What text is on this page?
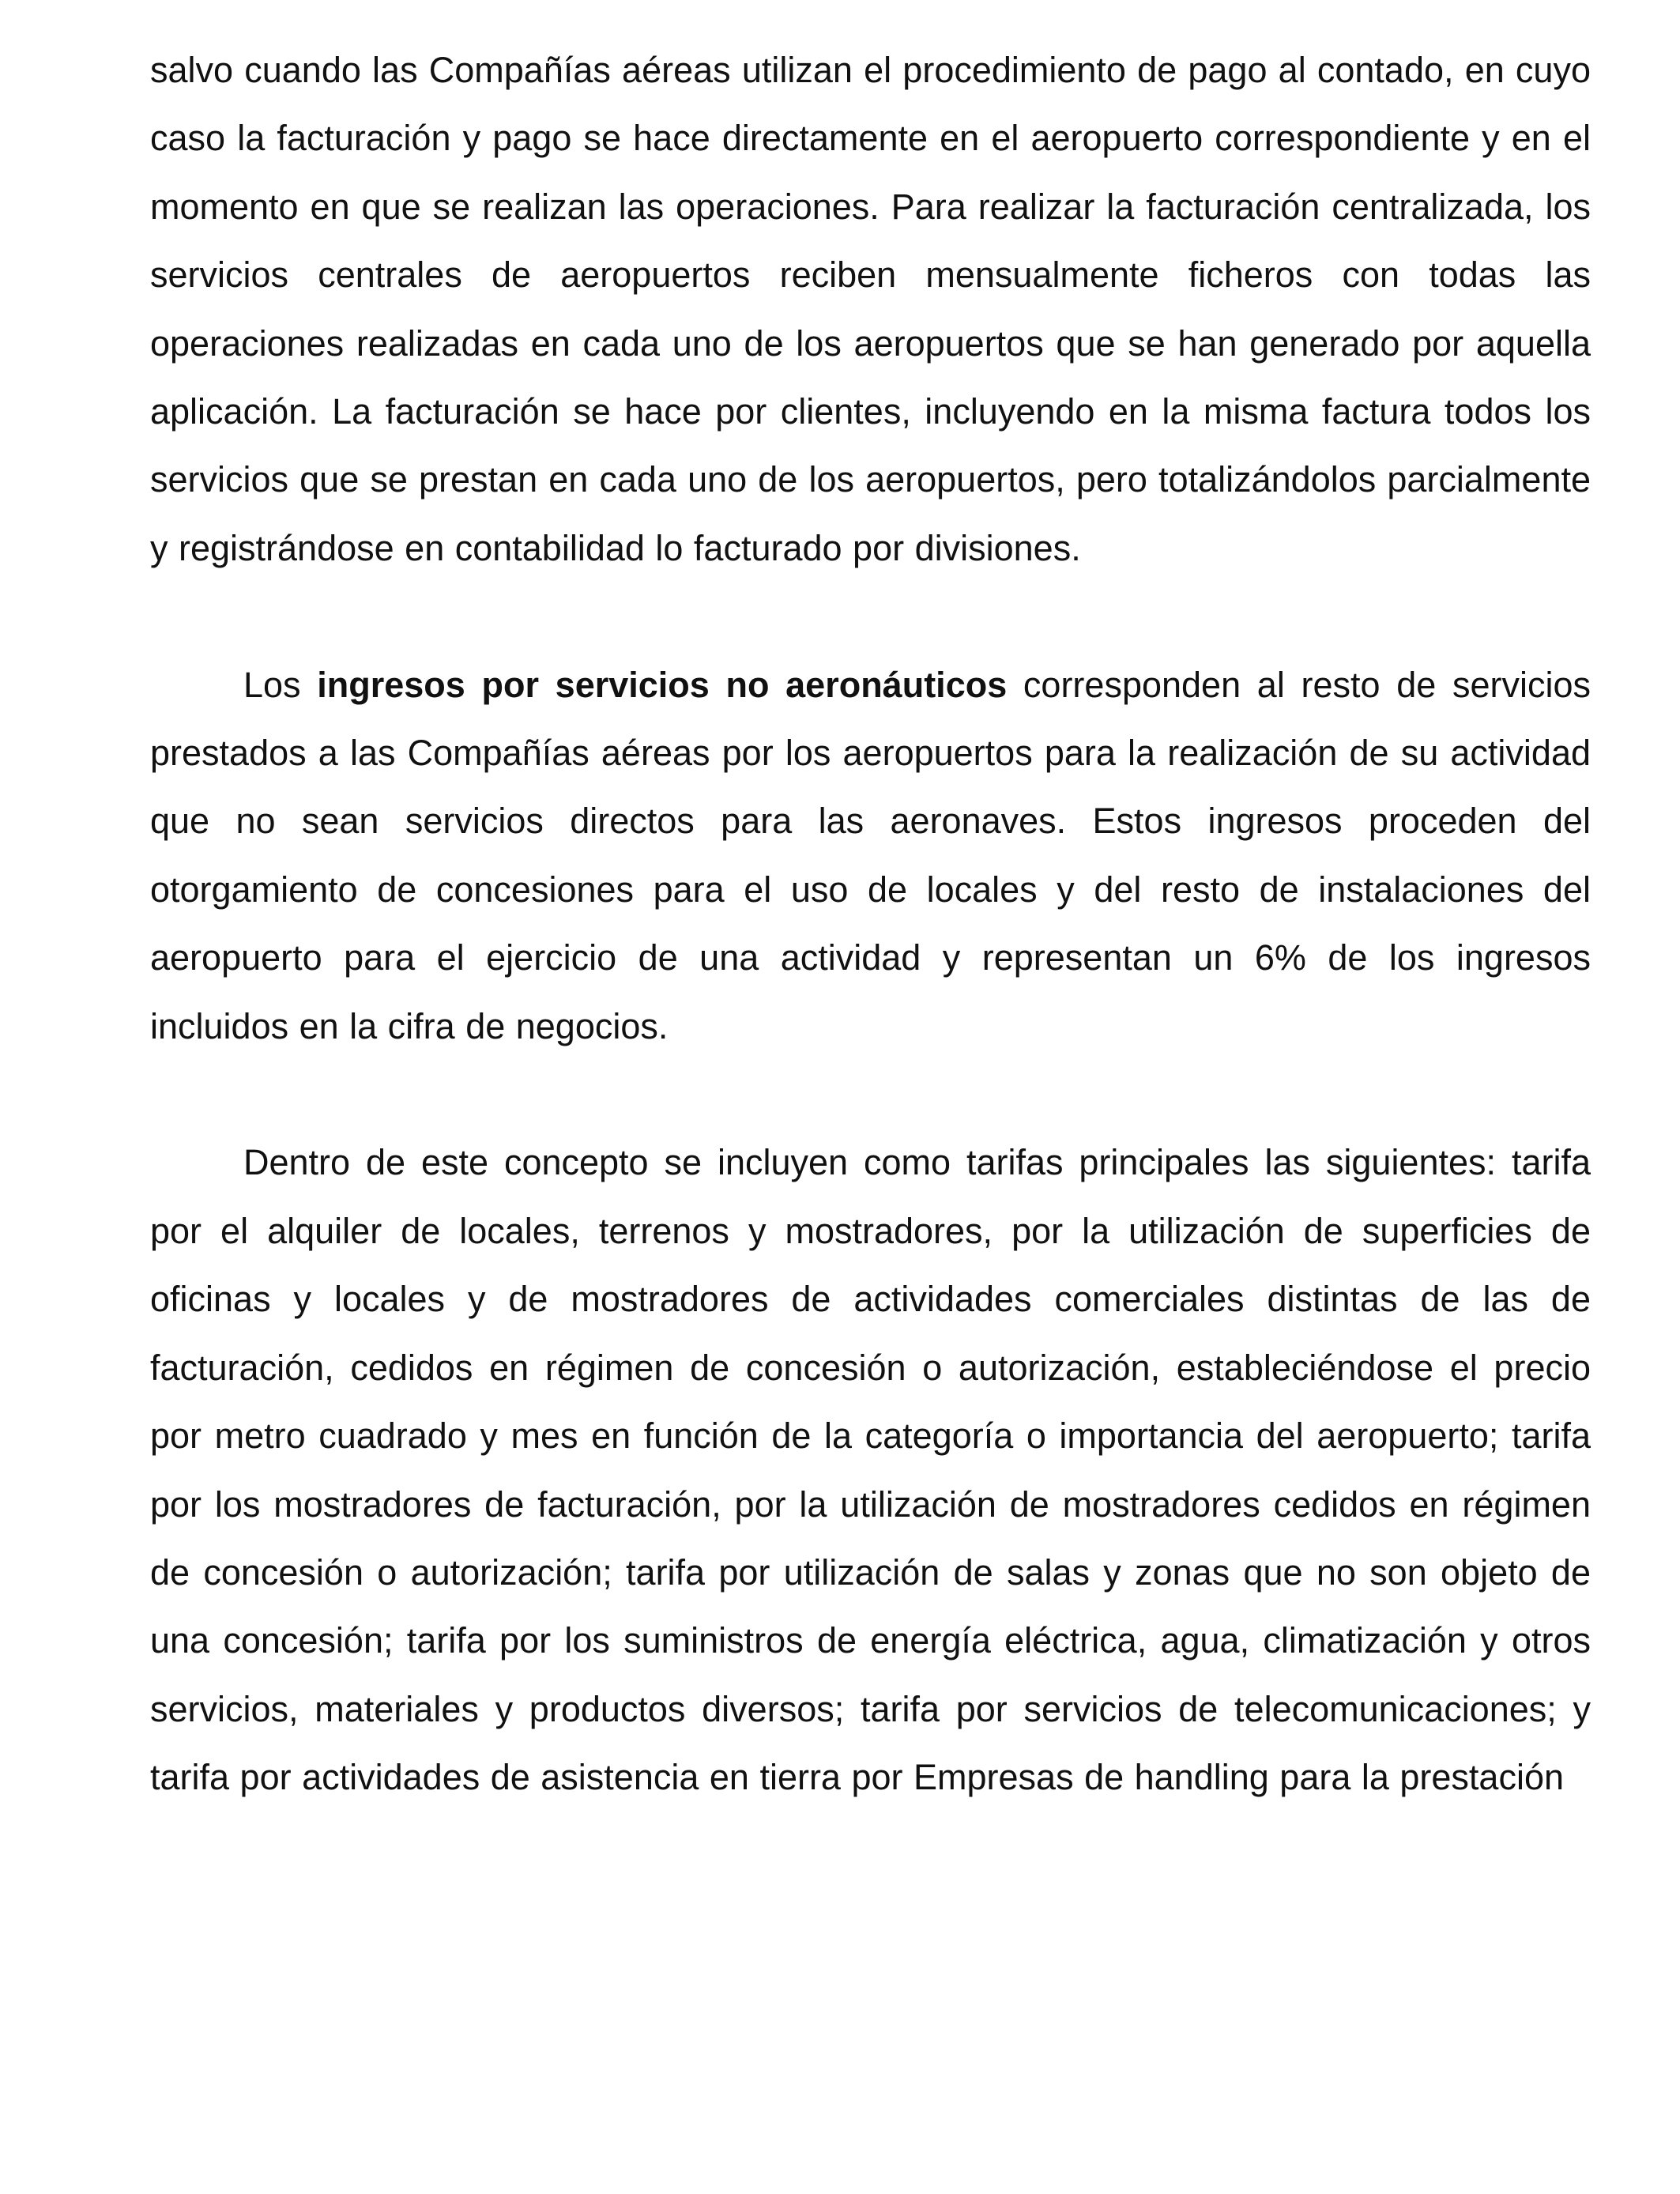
salvo cuando las Compañías aéreas utilizan el procedimiento de pago al contado, en cuyo caso la facturación y pago se hace directamente en el aeropuerto correspondiente y en el momento en que se realizan las operaciones. Para realizar la facturación centralizada, los servicios centrales de aeropuertos reciben mensualmente ficheros con todas las operaciones realizadas en cada uno de los aeropuertos que se han generado por aquella aplicación. La facturación se hace por clientes, incluyendo en la misma factura todos los servicios que se prestan en cada uno de los aeropuertos, pero totalizándolos parcialmente y registrándose en contabilidad lo facturado por divisiones.

Los ingresos por servicios no aeronáuticos corresponden al resto de servicios prestados a las Compañías aéreas por los aeropuertos para la realización de su actividad que no sean servicios directos para las aeronaves. Estos ingresos proceden del otorgamiento de concesiones para el uso de locales y del resto de instalaciones del aeropuerto para el ejercicio de una actividad y representan un 6% de los ingresos incluidos en la cifra de negocios.

Dentro de este concepto se incluyen como tarifas principales las siguientes: tarifa por el alquiler de locales, terrenos y mostradores, por la utilización de superficies de oficinas y locales y de mostradores de actividades comerciales distintas de las de facturación, cedidos en régimen de concesión o autorización, estableciéndose el precio por metro cuadrado y mes en función de la categoría o importancia del aeropuerto; tarifa por los mostradores de facturación, por la utilización de mostradores cedidos en régimen de concesión o autorización; tarifa por utilización de salas y zonas que no son objeto de una concesión; tarifa por los suministros de energía eléctrica, agua, climatización y otros servicios, materiales y productos diversos; tarifa por servicios de telecomunicaciones; y tarifa por actividades de asistencia en tierra por Empresas de handling para la prestación
